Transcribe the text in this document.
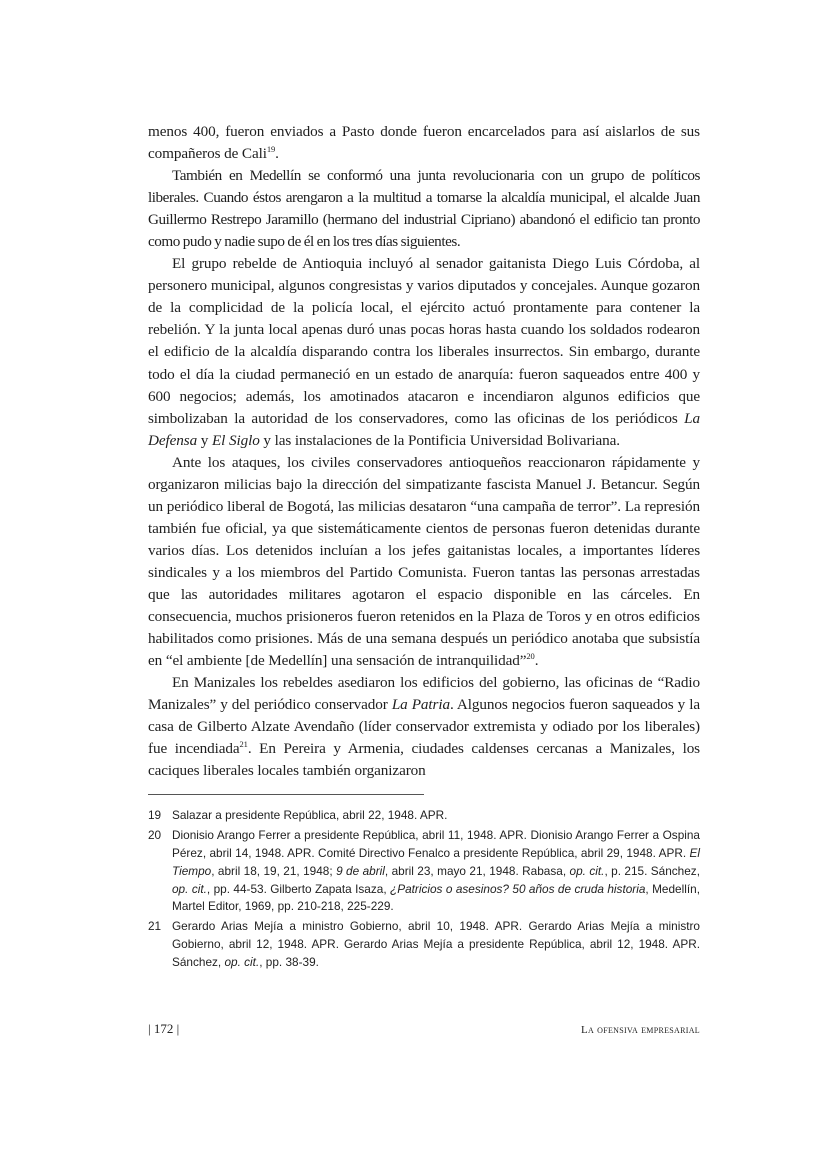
menos 400, fueron enviados a Pasto donde fueron encarcelados para así aislarlos de sus compañeros de Cali$^{19}$.

También en Medellín se conformó una junta revolucionaria con un grupo de políticos liberales. Cuando éstos arengaron a la multitud a tomarse la alcaldía municipal, el alcalde Juan Guillermo Restrepo Jaramillo (hermano del industrial Cipriano) abandonó el edificio tan pronto como pudo y nadie supo de él en los tres días siguientes.

El grupo rebelde de Antioquia incluyó al senador gaitanista Diego Luis Córdoba, al personero municipal, algunos congresistas y varios diputados y concejales. Aunque gozaron de la complicidad de la policía local, el ejército actuó prontamente para contener la rebelión. Y la junta local apenas duró unas pocas horas hasta cuando los soldados rodearon el edificio de la alcaldía disparando contra los liberales insurrectos. Sin embargo, durante todo el día la ciudad permaneció en un estado de anarquía: fueron saqueados entre 400 y 600 negocios; además, los amotinados atacaron e incendiaron algunos edificios que simbolizaban la autoridad de los conservadores, como las oficinas de los periódicos La Defensa y El Siglo y las instalaciones de la Pontificia Universidad Bolivariana.

Ante los ataques, los civiles conservadores antioqueños reaccionaron rápidamente y organizaron milicias bajo la dirección del simpatizante fascista Manuel J. Betancur. Según un periódico liberal de Bogotá, las milicias desataron “una campaña de terror”. La represión también fue oficial, ya que sistemáticamente cientos de personas fueron detenidas durante varios días. Los detenidos incluían a los jefes gaitanistas locales, a importantes líderes sindicales y a los miembros del Partido Comunista. Fueron tantas las personas arrestadas que las autoridades militares agotaron el espacio disponible en las cárceles. En consecuencia, muchos prisioneros fueron retenidos en la Plaza de Toros y en otros edificios habilitados como prisiones. Más de una semana después un periódico anotaba que subsistía en “el ambiente [de Medellín] una sensación de intranquilidad”$^{20}$.

En Manizales los rebeldes asediaron los edificios del gobierno, las oficinas de “Radio Manizales” y del periódico conservador La Patria. Algunos negocios fueron saqueados y la casa de Gilberto Alzate Avendaño (líder conservador extremista y odiado por los liberales) fue incendiada$^{21}$. En Pereira y Armenia, ciudades caldenses cercanas a Manizales, los caciques liberales locales también organizaron

19 Salazar a presidente República, abril 22, 1948. APR.
20 Dionisio Arango Ferrer a presidente República, abril 11, 1948. APR. Dionisio Arango Ferrer a Ospina Pérez, abril 14, 1948. APR. Comité Directivo Fenalco a presidente República, abril 29, 1948. APR. El Tiempo, abril 18, 19, 21, 1948; 9 de abril, abril 23, mayo 21, 1948. Rabasa, op. cit., p. 215. Sánchez, op. cit., pp. 44-53. Gilberto Zapata Isaza, ¿Patricios o asesinos? 50 años de cruda historia, Medellín, Martel Editor, 1969, pp. 210-218, 225-229.
21 Gerardo Arias Mejía a ministro Gobierno, abril 10, 1948. APR. Gerardo Arias Mejía a ministro Gobierno, abril 12, 1948. APR. Gerardo Arias Mejía a presidente República, abril 12, 1948. APR. Sánchez, op. cit., pp. 38-39.
| 172 |	La ofensiva empresarial
